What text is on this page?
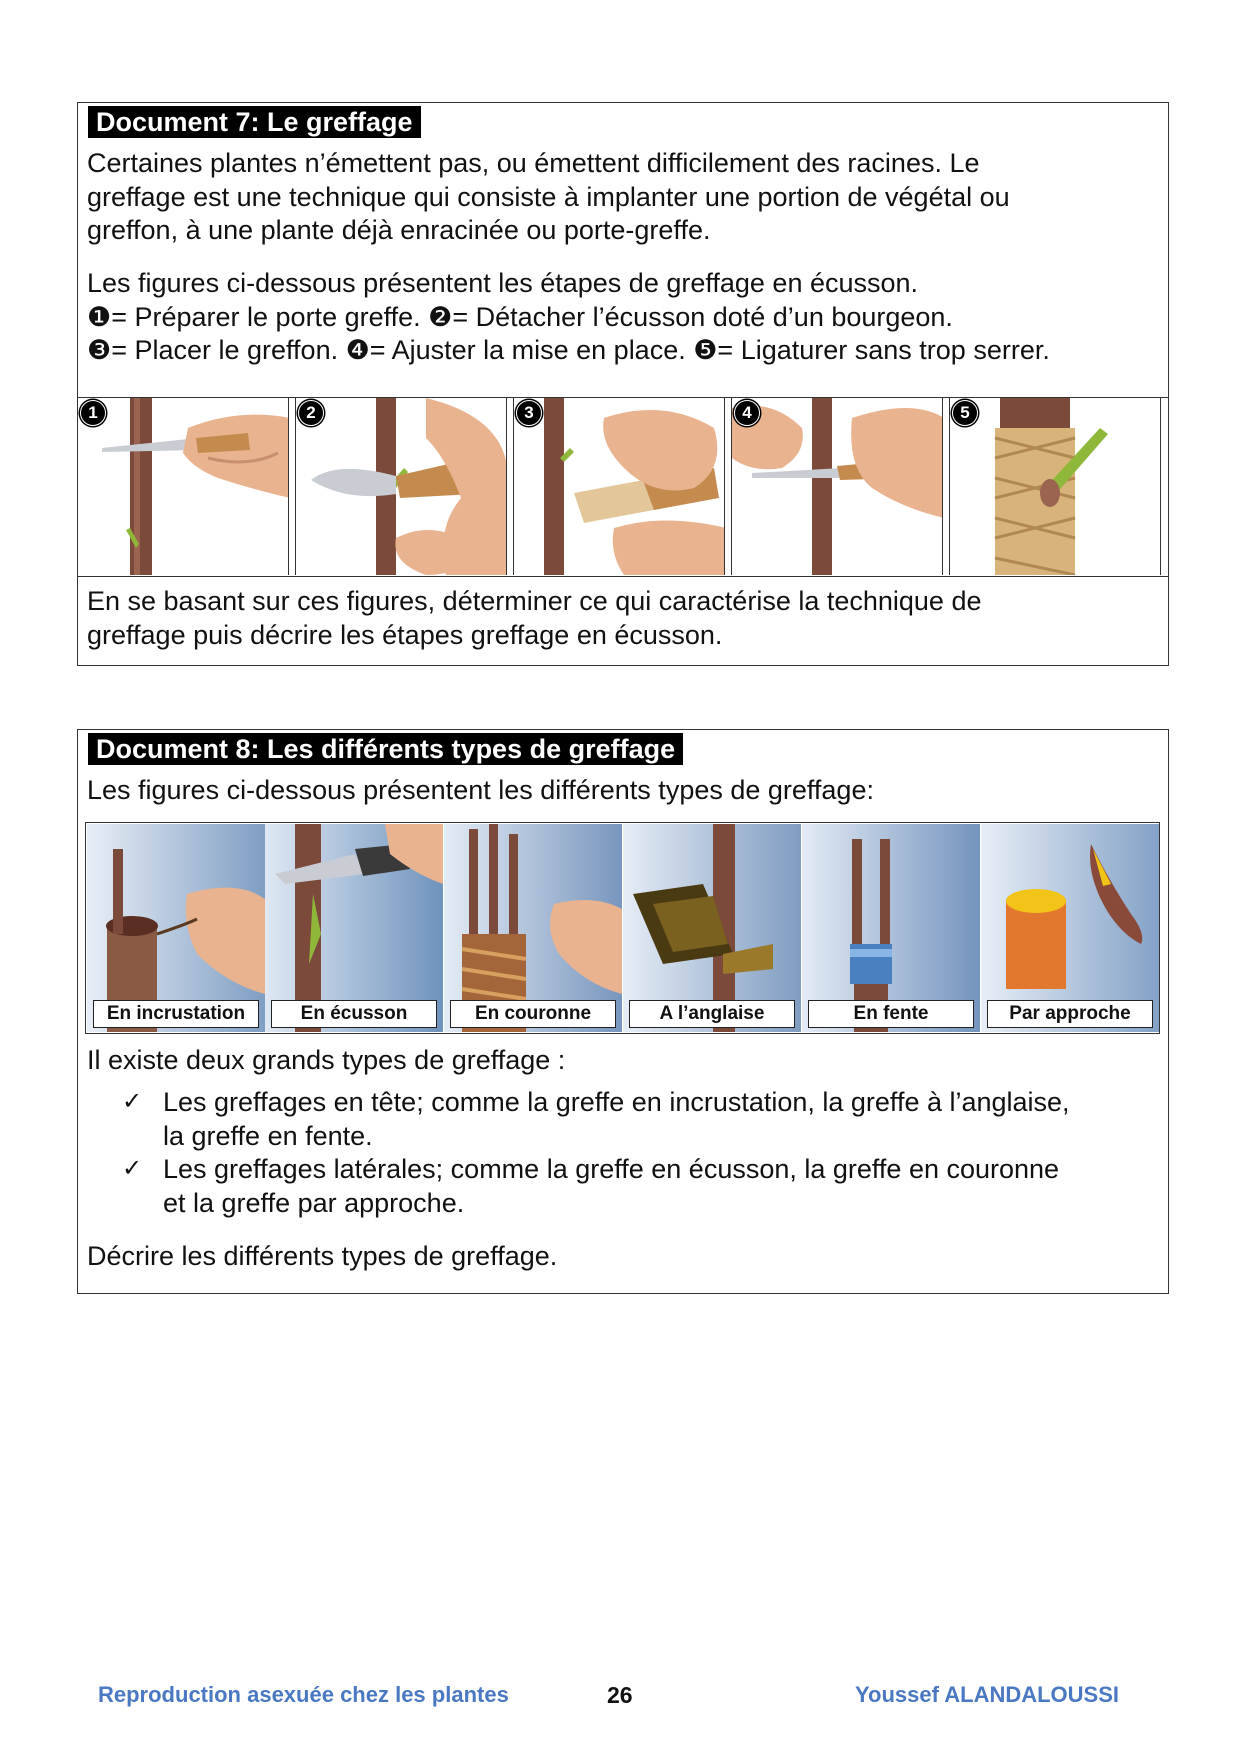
Document 7: Le greffage
Certaines plantes n’émettent pas, ou émettent difficilement des racines. Le
greffage est une technique qui consiste à implanter une portion de végétal ou
greffon, à une plante déjà enracinée ou porte-greffe.
Les figures ci-dessous présentent les étapes de greffage en écusson.
❶= Préparer le porte greffe. ❷= Détacher l’écusson doté d’un bourgeon.
❸= Placer le greffon. ❹= Ajuster la mise en place. ❺= Ligaturer sans trop serrer.
1	2	3	4	5
En se basant sur ces figures, déterminer ce qui caractérise la technique de
greffage puis décrire les étapes greffage en écusson.
Document 8: Les différents types de greffage
Les figures ci-dessous présentent les différents types de greffage:
En incrustation	En écusson	En couronne	A l’anglaise	En fente	Par approche
Il existe deux grands types de greffage :
✓ Les greffages en tête; comme la greffe en incrustation, la greffe à l’anglaise,
la greffe en fente.
✓ Les greffages latérales; comme la greffe en écusson, la greffe en couronne
et la greffe par approche.
Décrire les différents types de greffage.
Reproduction asexuée chez les plantes	26	Youssef ALANDALOUSSI
